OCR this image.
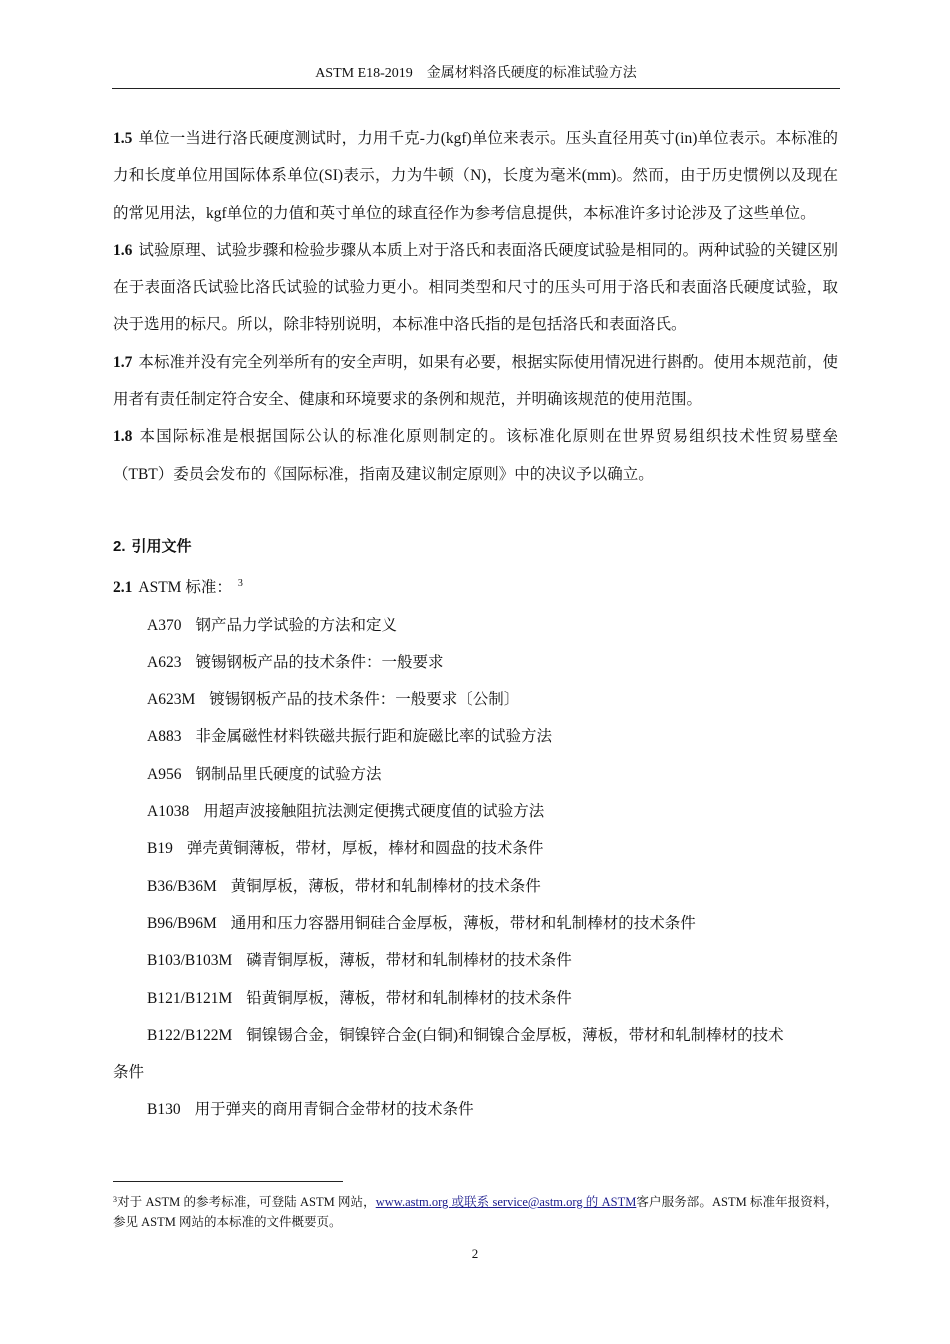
ASTM E18-2019　金属材料洛氏硬度的标准试验方法

1.5 单位一当进行洛氏硬度测试时，力用千克-力(kgf)单位来表示。压头直径用英寸(in)单位表示。本标准的力和长度单位用国际体系单位(SI)表示，力为牛顿（N)，长度为毫米(mm)。然而，由于历史惯例以及现在的常见用法，kgf单位的力值和英寸单位的球直径作为参考信息提供，本标准许多讨论涉及了这些单位。

1.6 试验原理、试验步骤和检验步骤从本质上对于洛氏和表面洛氏硬度试验是相同的。两种试验的关键区别在于表面洛氏试验比洛氏试验的试验力更小。相同类型和尺寸的压头可用于洛氏和表面洛氏硬度试验，取决于选用的标尺。所以，除非特别说明，本标准中洛氏指的是包括洛氏和表面洛氏。

1.7 本标准并没有完全列举所有的安全声明，如果有必要，根据实际使用情况进行斟酌。使用本规范前，使用者有责任制定符合安全、健康和环境要求的条例和规范，并明确该规范的使用范围。

1.8 本国际标准是根据国际公认的标准化原则制定的。该标准化原则在世界贸易组织技术性贸易壁垒（TBT）委员会发布的《国际标准，指南及建议制定原则》中的决议予以确立。

2. 引用文件

2.1 ASTM 标准： $^3$

A370 钢产品力学试验的方法和定义

A623 镀锡钢板产品的技术条件：一般要求

A623M 镀锡钢板产品的技术条件：一般要求〔公制〕

A883 非金属磁性材料铁磁共振行距和旋磁比率的试验方法

A956 钢制品里氏硬度的试验方法

A1038 用超声波接触阻抗法测定便携式硬度值的试验方法

B19 弹壳黄铜薄板，带材，厚板，棒材和圆盘的技术条件

B36/B36M 黄铜厚板，薄板，带材和轧制棒材的技术条件

B96/B96M 通用和压力容器用铜硅合金厚板，薄板，带材和轧制棒材的技术条件

B103/B103M 磷青铜厚板，薄板，带材和轧制棒材的技术条件

B121/B121M 铅黄铜厚板，薄板，带材和轧制棒材的技术条件

B122/B122M 铜镍锡合金，铜镍锌合金(白铜)和铜镍合金厚板，薄板，带材和轧制棒材的技术

条件

B130 用于弹夹的商用青铜合金带材的技术条件

$^3$对于 ASTM 的参考标准，可登陆 ASTM 网站，www.astm.org 或联系 service@astm.org 的 ASTM客户服务部。ASTM 标准年报资料，参见 ASTM 网站的本标准的文件概要页。
2
